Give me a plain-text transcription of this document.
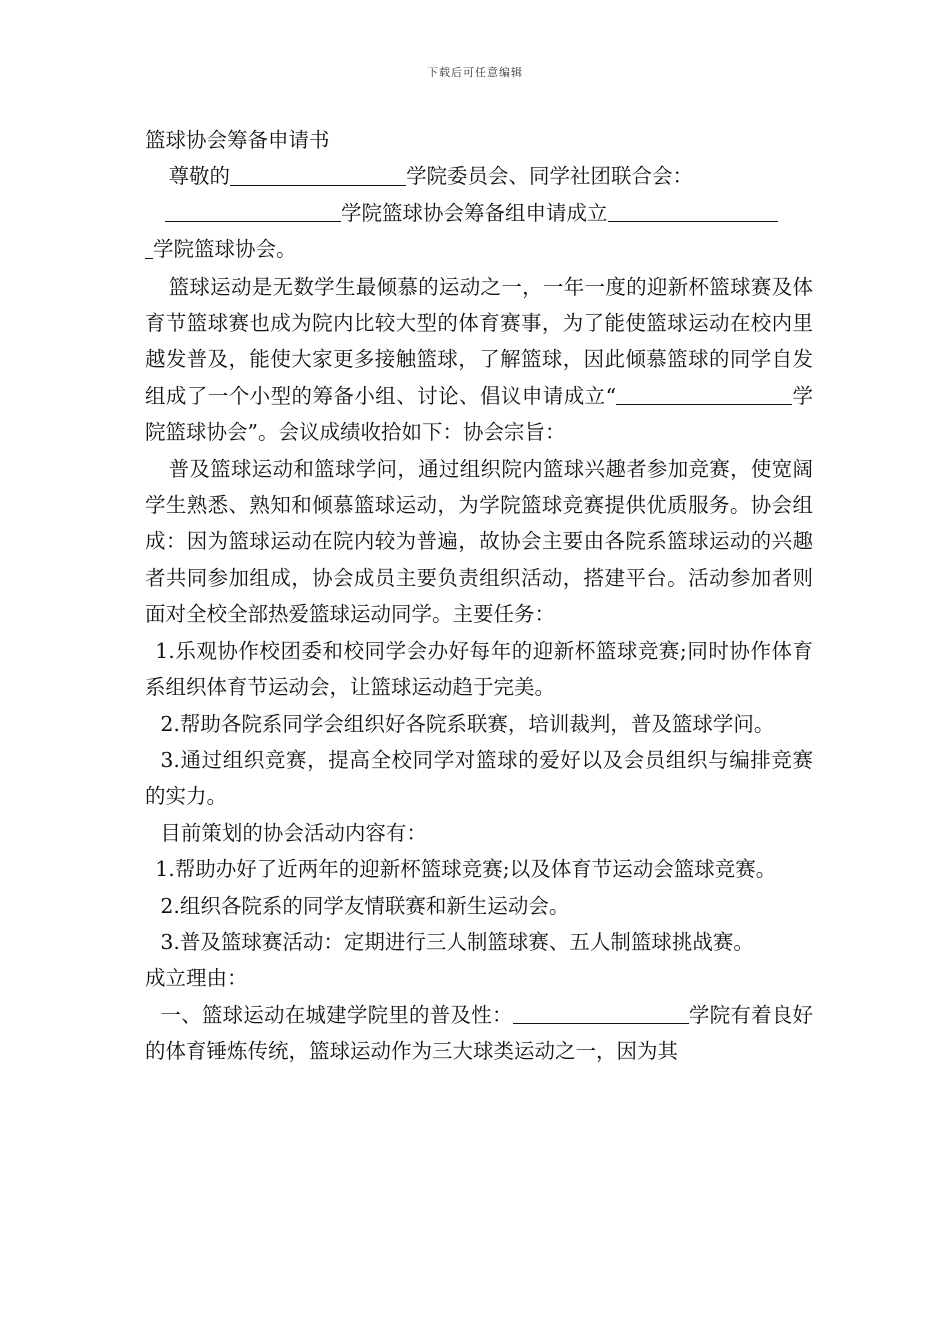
下载后可任意编辑

篮球协会筹备申请书

尊敬的	学院委员会、同学社团联合会：

学院篮球协会筹备组申请成立
学院篮球协会。

篮球运动是无数学生最倾慕的运动之一，一年一度的迎新杯篮球赛及体育节篮球赛也成为院内比较大型的体育赛事，为了能使篮球运动在校内里越发普及，能使大家更多接触篮球，了解篮球，因此倾慕篮球的同学自发组成了一个小型的筹备小组、讨论、倡议申请成立“	学院篮球协会”。会议成绩收拾如下：协会宗旨：

普及篮球运动和篮球学问，通过组织院内篮球兴趣者参加竞赛，使宽阔学生熟悉、熟知和倾慕篮球运动，为学院篮球竞赛提供优质服务。协会组成：因为篮球运动在院内较为普遍，故协会主要由各院系篮球运动的兴趣者共同参加组成，协会成员主要负责组织活动，搭建平台。活动参加者则面对全校全部热爱篮球运动同学。主要任务：

1.乐观协作校团委和校同学会办好每年的迎新杯篮球竞赛;同时协作体育系组织体育节运动会，让篮球运动趋于完美。

2.帮助各院系同学会组织好各院系联赛，培训裁判，普及篮球学问。

3.通过组织竞赛，提高全校同学对篮球的爱好以及会员组织与编排竞赛的实力。

目前策划的协会活动内容有：

1.帮助办好了近两年的迎新杯篮球竞赛;以及体育节运动会篮球竞赛。

2.组织各院系的同学友情联赛和新生运动会。

3.普及篮球赛活动：定期进行三人制篮球赛、五人制篮球挑战赛。

成立理由：

一、篮球运动在城建学院里的普及性：	学院有着良好的体育锤炼传统，篮球运动作为三大球类运动之一，因为其
